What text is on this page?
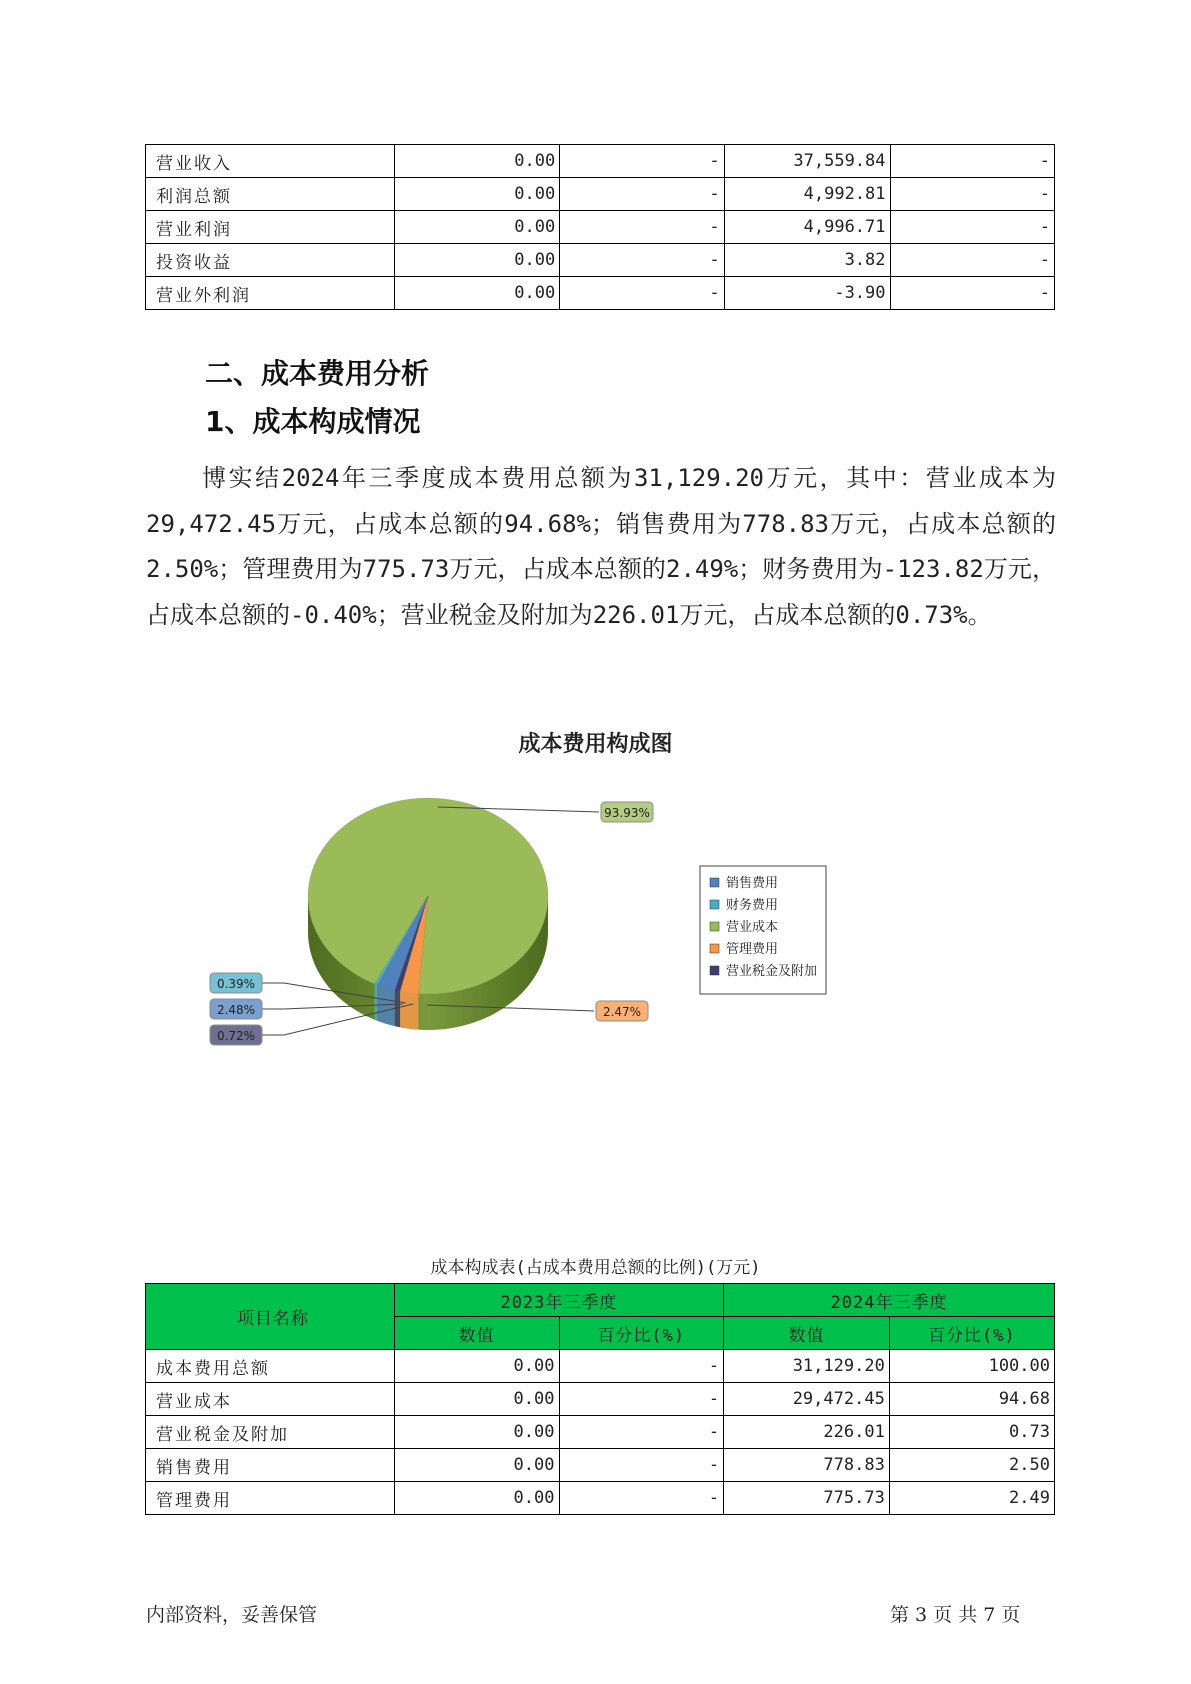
营业收入	0.00	-	37,559.84	-
利润总额	0.00	-	4,992.81	-
营业利润	0.00	-	4,996.71	-
投资收益	0.00	-	3.82	-
营业外利润	0.00	-	-3.90	-
二、成本费用分析
1、成本构成情况
博实结2024年三季度成本费用总额为31,129.20万元，其中：营业成本为29,472.45万元，占成本总额的94.68%；销售费用为778.83万元，占成本总额的2.50%；管理费用为775.73万元，占成本总额的2.49%；财务费用为-123.82万元，占成本总额的-0.40%；营业税金及附加为226.01万元，占成本总额的0.73%。
成本费用构成图
2.48%
0.39%
93.93%
2.47%
0.72%
销售费用
财务费用
营业成本
管理费用
营业税金及附加
成本构成表(占成本费用总额的比例)(万元)
项目名称	2023年三季度		2024年三季度	
	数值	百分比(%)	数值	百分比(%)
成本费用总额	0.00	-	31,129.20	100.00
营业成本	0.00	-	29,472.45	94.68
营业税金及附加	0.00	-	226.01	0.73
销售费用	0.00	-	778.83	2.50
管理费用	0.00	-	775.73	2.49
内部资料，妥善保管	第 3 页 共 7 页
